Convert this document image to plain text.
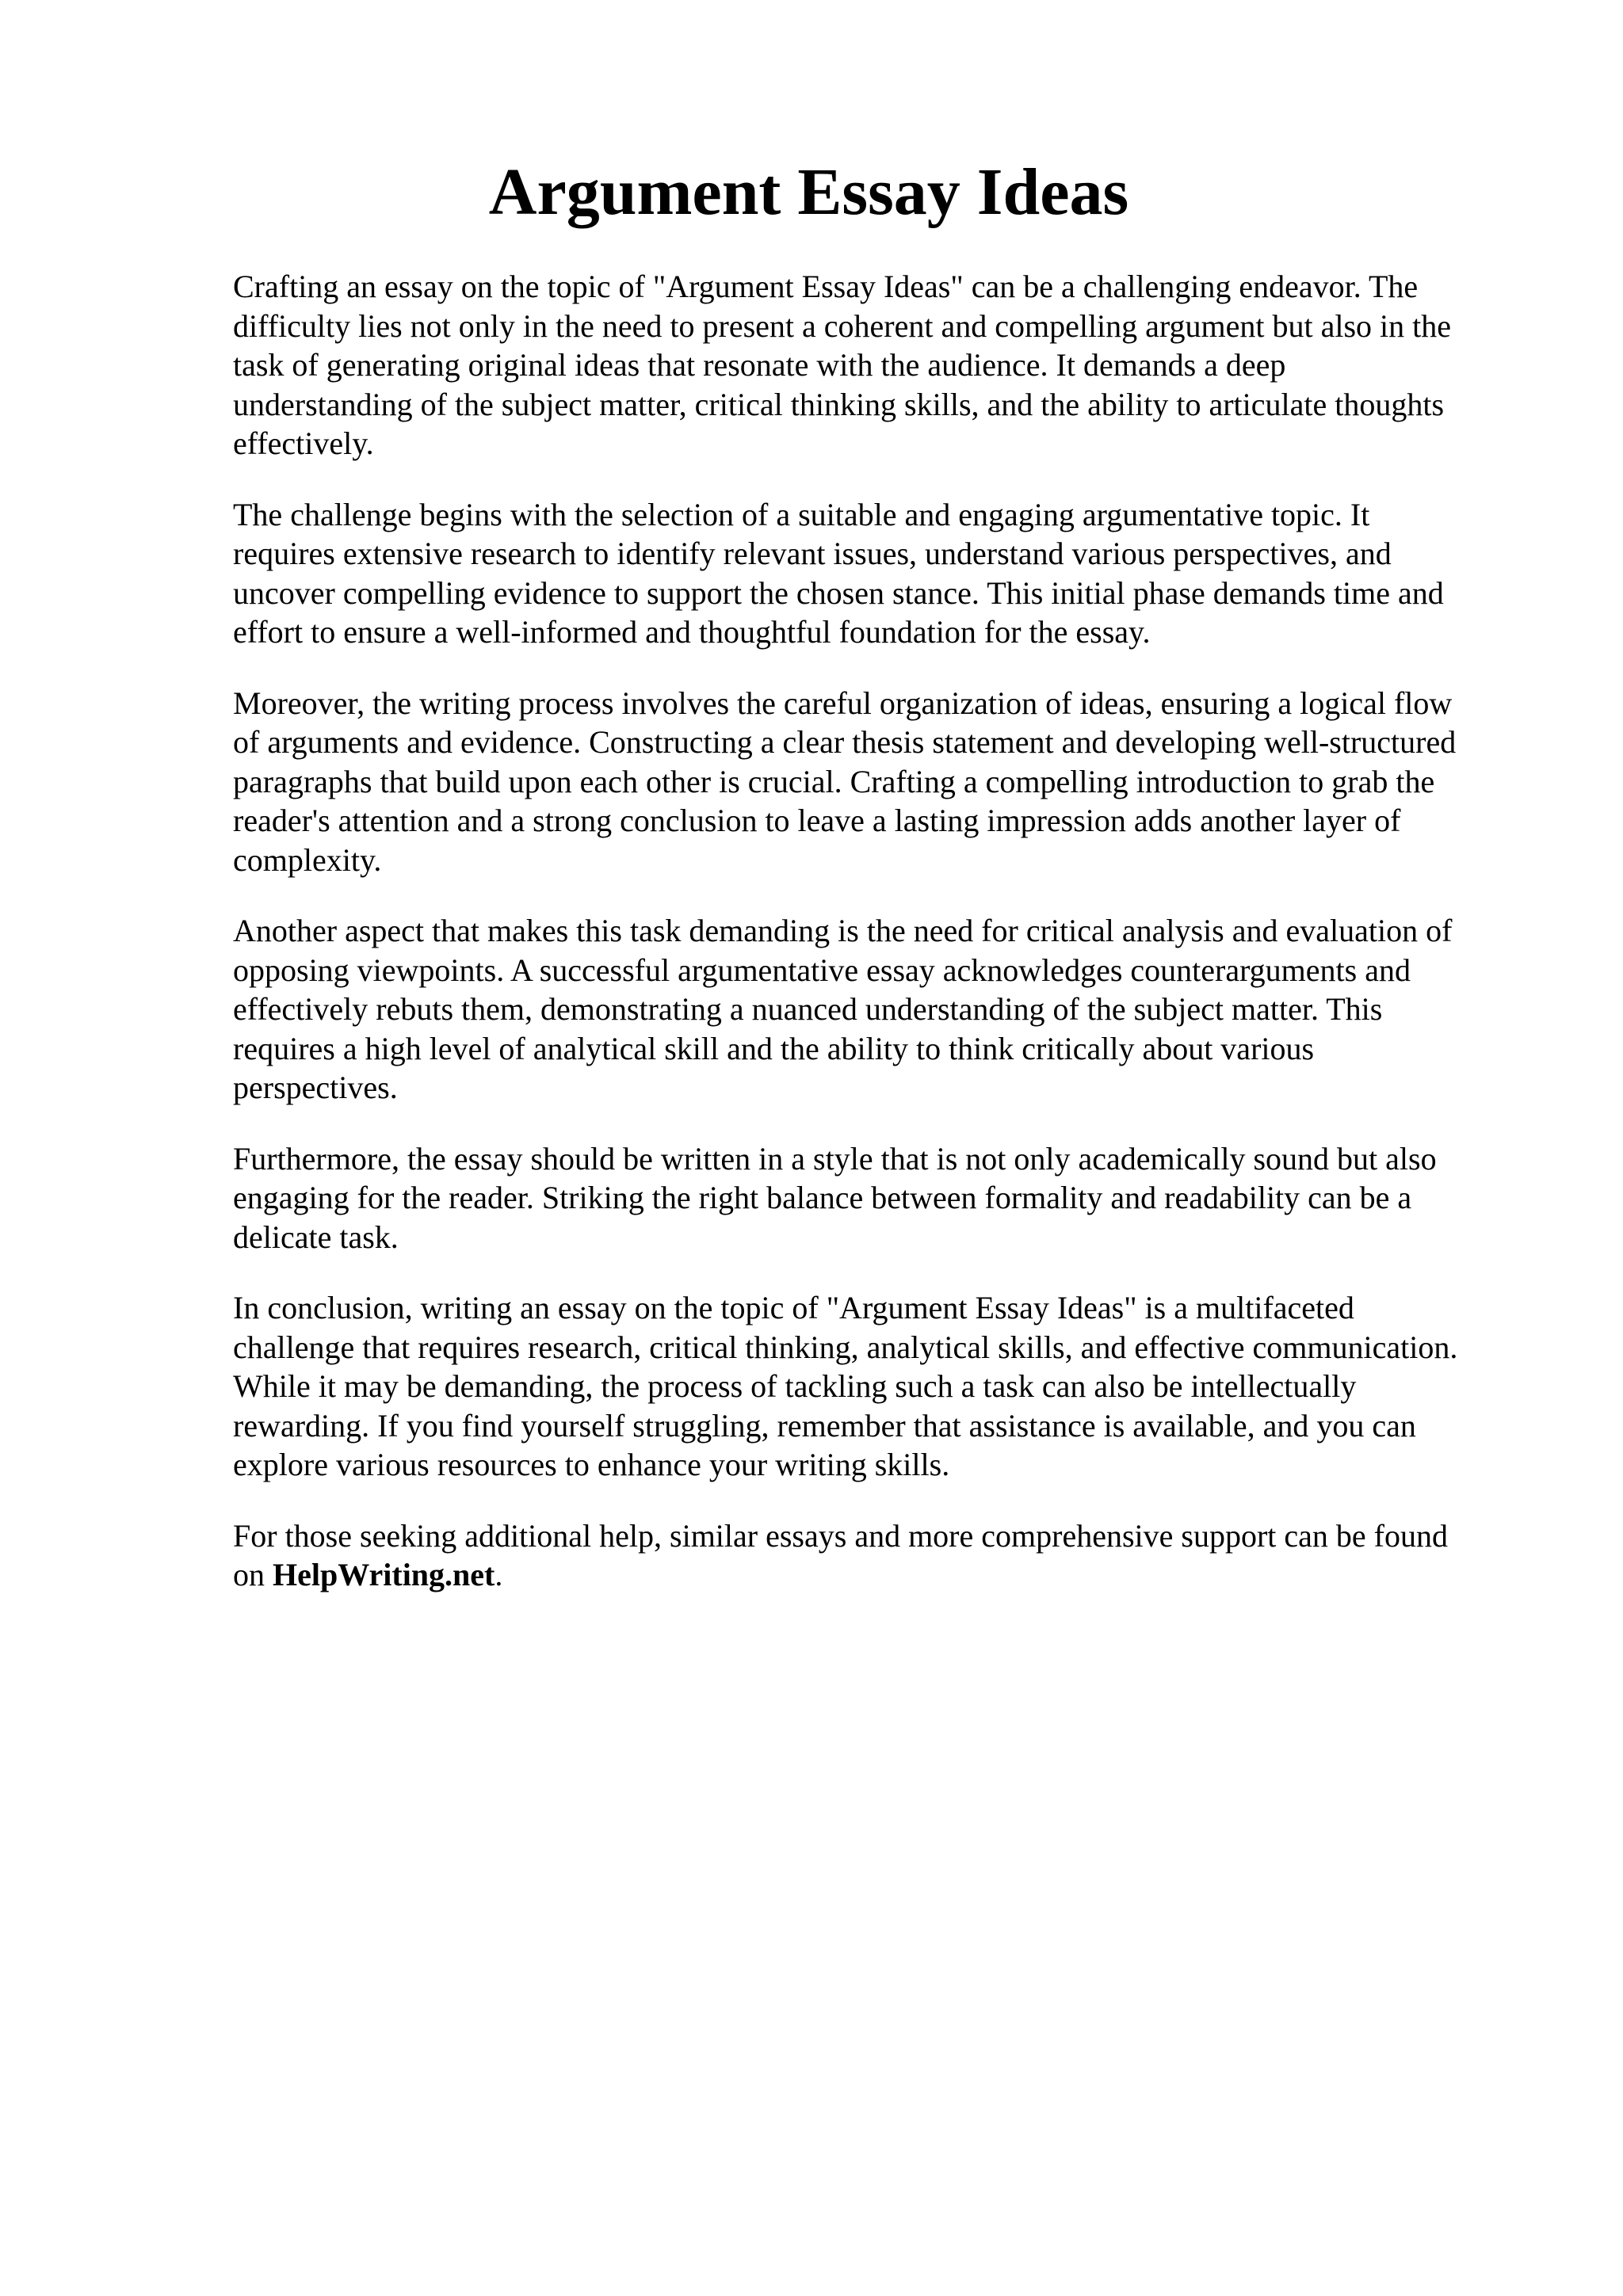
Argument Essay Ideas

Crafting an essay on the topic of "Argument Essay Ideas" can be a challenging endeavor. The
difficulty lies not only in the need to present a coherent and compelling argument but also in the
task of generating original ideas that resonate with the audience. It demands a deep
understanding of the subject matter, critical thinking skills, and the ability to articulate thoughts
effectively.

The challenge begins with the selection of a suitable and engaging argumentative topic. It
requires extensive research to identify relevant issues, understand various perspectives, and
uncover compelling evidence to support the chosen stance. This initial phase demands time and
effort to ensure a well-informed and thoughtful foundation for the essay.

Moreover, the writing process involves the careful organization of ideas, ensuring a logical flow
of arguments and evidence. Constructing a clear thesis statement and developing well-structured
paragraphs that build upon each other is crucial. Crafting a compelling introduction to grab the
reader's attention and a strong conclusion to leave a lasting impression adds another layer of
complexity.

Another aspect that makes this task demanding is the need for critical analysis and evaluation of
opposing viewpoints. A successful argumentative essay acknowledges counterarguments and
effectively rebuts them, demonstrating a nuanced understanding of the subject matter. This
requires a high level of analytical skill and the ability to think critically about various
perspectives.

Furthermore, the essay should be written in a style that is not only academically sound but also
engaging for the reader. Striking the right balance between formality and readability can be a
delicate task.

In conclusion, writing an essay on the topic of "Argument Essay Ideas" is a multifaceted
challenge that requires research, critical thinking, analytical skills, and effective communication.
While it may be demanding, the process of tackling such a task can also be intellectually
rewarding. If you find yourself struggling, remember that assistance is available, and you can
explore various resources to enhance your writing skills.

For those seeking additional help, similar essays and more comprehensive support can be found
on HelpWriting.net.
